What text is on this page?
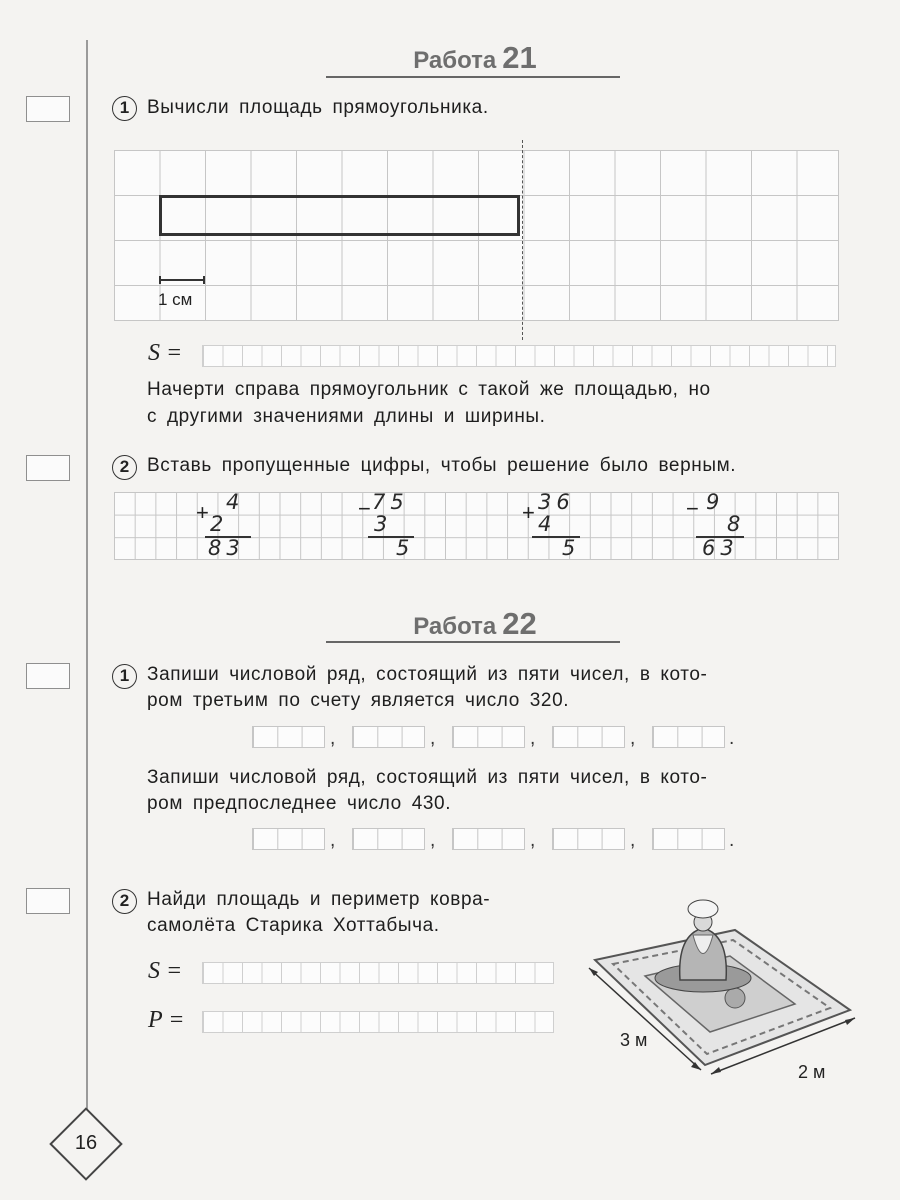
Работа 21
1 Вычисли площадь прямоугольника.
1 см
S =
Начерти справа прямоугольник с такой же площадью, но
с другими значениями длины и ширины.
2 Вставь пропущенные цифры, чтобы решение было верным.
+ 4
2
83
− 75
3
5
+ 36
4
5
− 9
8
63
Работа 22
1 Запиши числовой ряд, состоящий из пяти чисел, в кото-
ром третьим по счету является число 320.
,	,	,	,	.
Запиши числовой ряд, состоящий из пяти чисел, в кото-
ром предпоследнее число 430.
,	,	,	,	.
2 Найди площадь и периметр ковра-
самолёта Старика Хоттабыча.
S =
P =
3 м
2 м
16
